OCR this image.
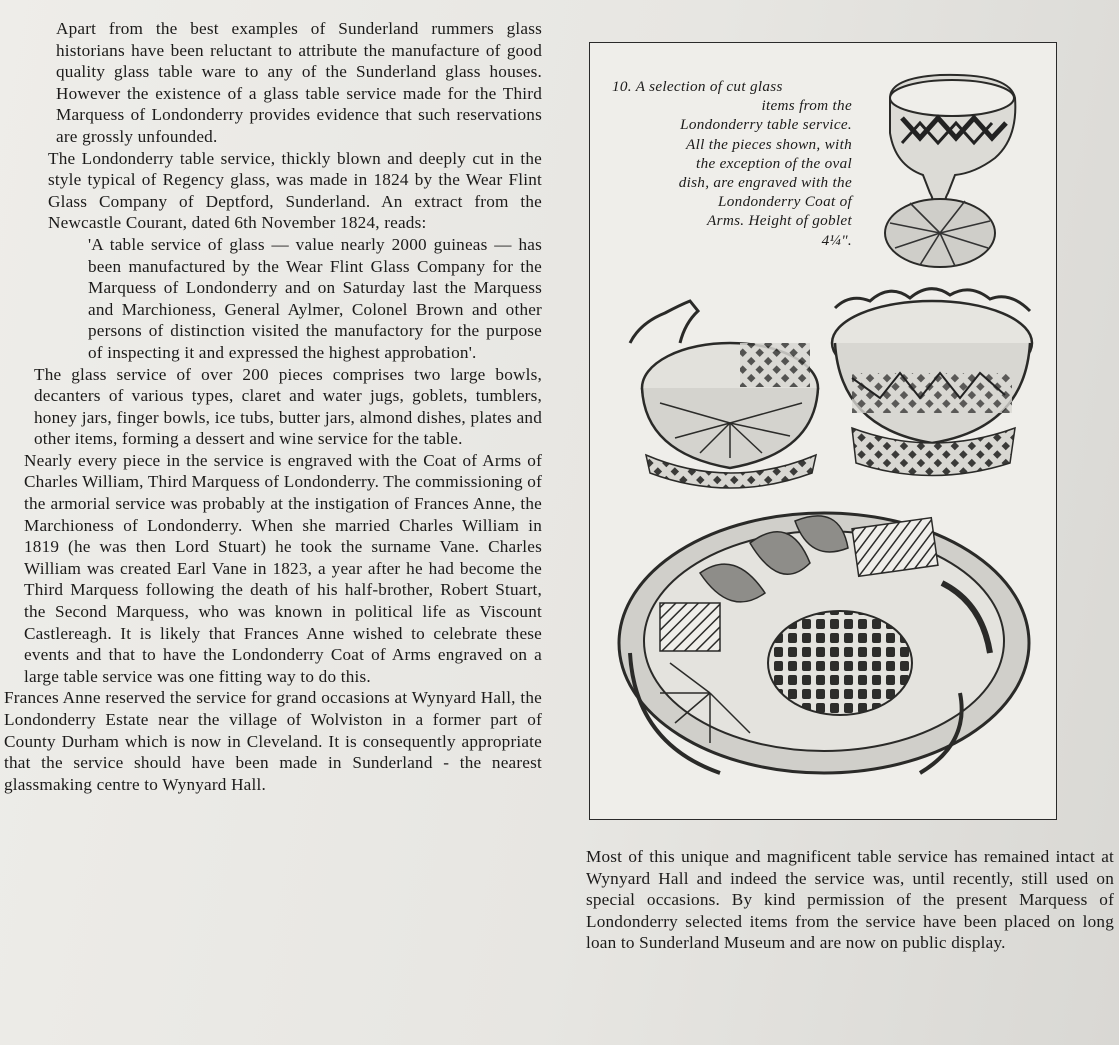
Apart from the best examples of Sunderland rummers glass historians have been reluctant to attribute the manufacture of good quality glass table ware to any of the Sunderland glass houses. However the existence of a glass table service made for the Third Marquess of Londonderry provides evidence that such reservations are grossly unfounded.

The Londonderry table service, thickly blown and deeply cut in the style typical of Regency glass, was made in 1824 by the Wear Flint Glass Company of Deptford, Sunderland. An extract from the Newcastle Courant, dated 6th November 1824, reads:

'A table service of glass — value nearly 2000 guineas — has been manufactured by the Wear Flint Glass Company for the Marquess of Londonderry and on Saturday last the Marquess and Marchioness, General Aylmer, Colonel Brown and other persons of distinction visited the manufactory for the purpose of inspecting it and expressed the highest approbation'.

The glass service of over 200 pieces comprises two large bowls, decanters of various types, claret and water jugs, goblets, tumblers, honey jars, finger bowls, ice tubs, butter jars, almond dishes, plates and other items, forming a dessert and wine service for the table.

Nearly every piece in the service is engraved with the Coat of Arms of Charles William, Third Marquess of Londonderry. The commissioning of the armorial service was probably at the instigation of Frances Anne, the Marchioness of Londonderry. When she married Charles William in 1819 (he was then Lord Stuart) he took the surname Vane. Charles William was created Earl Vane in 1823, a year after he had become the Third Marquess following the death of his half-brother, Robert Stuart, the Second Marquess, who was known in political life as Viscount Castlereagh. It is likely that Frances Anne wished to celebrate these events and that to have the Londonderry Coat of Arms engraved on a large table service was one fitting way to do this.

Frances Anne reserved the service for grand occasions at Wynyard Hall, the Londonderry Estate near the village of Wolviston in a former part of County Durham which is now in Cleveland. It is consequently appropriate that the service should have been made in Sunderland - the nearest glassmaking centre to Wynyard Hall.

10. A selection of cut glass
items from the
Londonderry table service.
All the pieces shown, with
the exception of the oval
dish, are engraved with the
Londonderry Coat of
Arms. Height of goblet
4¼".

Most of this unique and magnificent table service has remained intact at Wynyard Hall and indeed the service was, until recently, still used on special occasions. By kind permission of the present Marquess of Londonderry selected items from the service have been placed on long loan to Sunderland Museum and are now on public display.
